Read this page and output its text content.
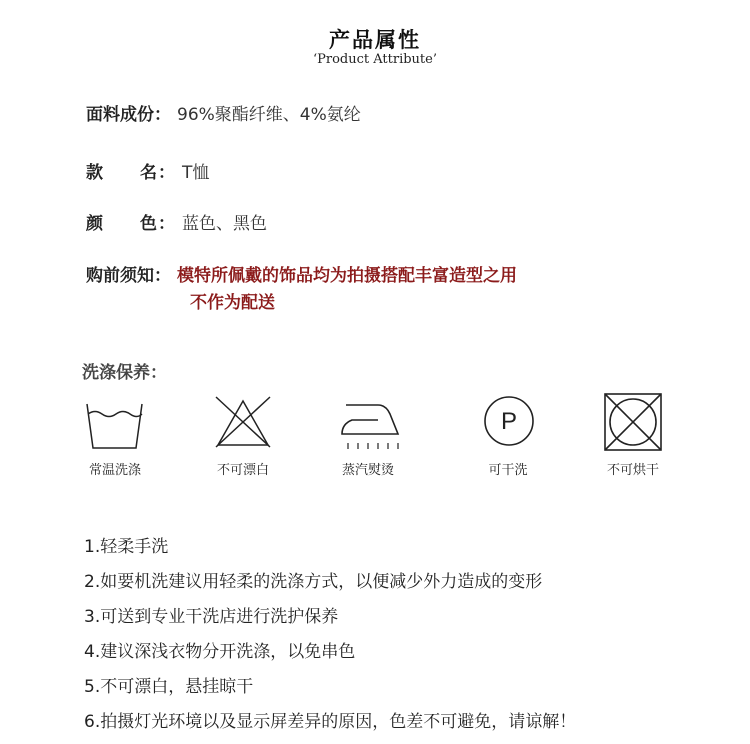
产品属性
‘Product Attribute’
面料成份： 96%聚酯纤维、4%氨纶
款　　名： T恤
颜　　色： 蓝色、黑色
购前须知： 模特所佩戴的饰品均为拍摄搭配丰富造型之用
不作为配送
洗涤保养：
常温洗涤	不可漂白	蒸汽熨烫
P
可干洗	不可烘干
1.轻柔手洗
2.如要机洗建议用轻柔的洗涤方式，以便减少外力造成的变形
3.可送到专业干洗店进行洗护保养
4.建议深浅衣物分开洗涤，以免串色
5.不可漂白，悬挂晾干
6.拍摄灯光环境以及显示屏差异的原因，色差不可避免，请谅解！
